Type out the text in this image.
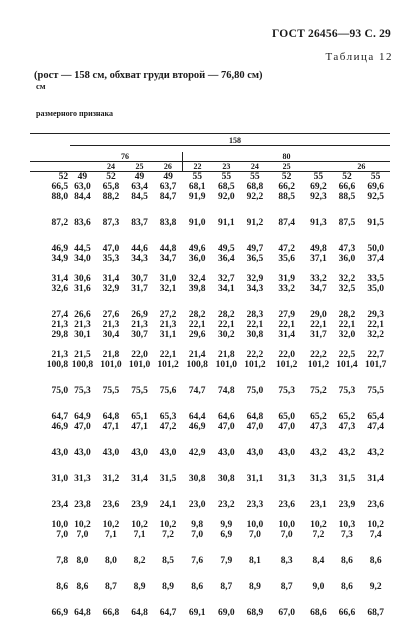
ГОСТ 26456—93 С. 29
Таблица 12
(рост — 158 см, обхват груди второй — 76,80 см)
см
размерного признака
158
	76				80						
		24	25	26	22	23	24	25		26	
52	49	52	49	49	55	55	55	52	55	52	55
66,5	63,0	65,8	63,4	63,7	68,1	68,5	68,8	66,2	69,2	66,6	69,6
88,0	84,4	88,2	84,5	84,7	91,9	92,0	92,2	88,5	92,3	88,5	92,5

87,2	83,6	87,3	83,7	83,8	91,0	91,1	91,2	87,4	91,3	87,5	91,5

46,9	44,5	47,0	44,6	44,8	49,6	49,5	49,7	47,2	49,8	47,3	50,0
34,9	34,0	35,3	34,3	34,7	36,0	36,4	36,5	35,6	37,1	36,0	37,4

31,4	30,6	31,4	30,7	31,0	32,4	32,7	32,9	31,9	33,2	32,2	33,5
32,6	31,6	32,9	31,7	32,1	39,8	34,1	34,3	33,2	34,7	32,5	35,0

27,4	26,6	27,6	26,9	27,2	28,2	28,2	28,3	27,9	29,0	28,2	29,3
21,3	21,3	21,3	21,3	21,3	22,1	22,1	22,1	22,1	22,1	22,1	22,1
29,8	30,1	30,4	30,7	31,1	29,6	30,2	30,8	31,4	31,7	32,0	32,2

21,3	21,5	21,8	22,0	22,1	21,4	21,8	22,2	22,0	22,2	22,5	22,7
100,8	100,8	101,0	101,0	101,2	100,8	101,0	101,2	101,2	101,2	101,4	101,7

75,0	75,3	75,5	75,5	75,6	74,7	74,8	75,0	75,3	75,2	75,3	75,5

64,7	64,9	64,8	65,1	65,3	64,4	64,6	64,8	65,0	65,2	65,2	65,4
46,9	47,0	47,1	47,1	47,2	46,9	47,0	47,0	47,0	47,3	47,3	47,4

43,0	43,0	43,0	43,0	43,0	42,9	43,0	43,0	43,0	43,2	43,2	43,2

31,0	31,3	31,2	31,4	31,5	30,8	30,8	31,1	31,3	31,3	31,5	31,4

23,4	23,8	23,6	23,9	24,1	23,0	23,2	23,3	23,6	23,1	23,9	23,6

10,0	10,2	10,2	10,2	10,2	9,8	9,9	10,0	10,0	10,2	10,3	10,2
7,0	7,0	7,1	7,1	7,2	7,0	6,9	7,0	7,0	7,2	7,3	7,4

7,8	8,0	8,0	8,2	8,5	7,6	7,9	8,1	8,3	8,4	8,6	8,6

8,6	8,6	8,7	8,9	8,9	8,6	8,7	8,9	8,7	9,0	8,6	9,2

66,9	64,8	66,8	64,8	64,7	69,1	69,0	68,9	67,0	68,6	66,6	68,7
